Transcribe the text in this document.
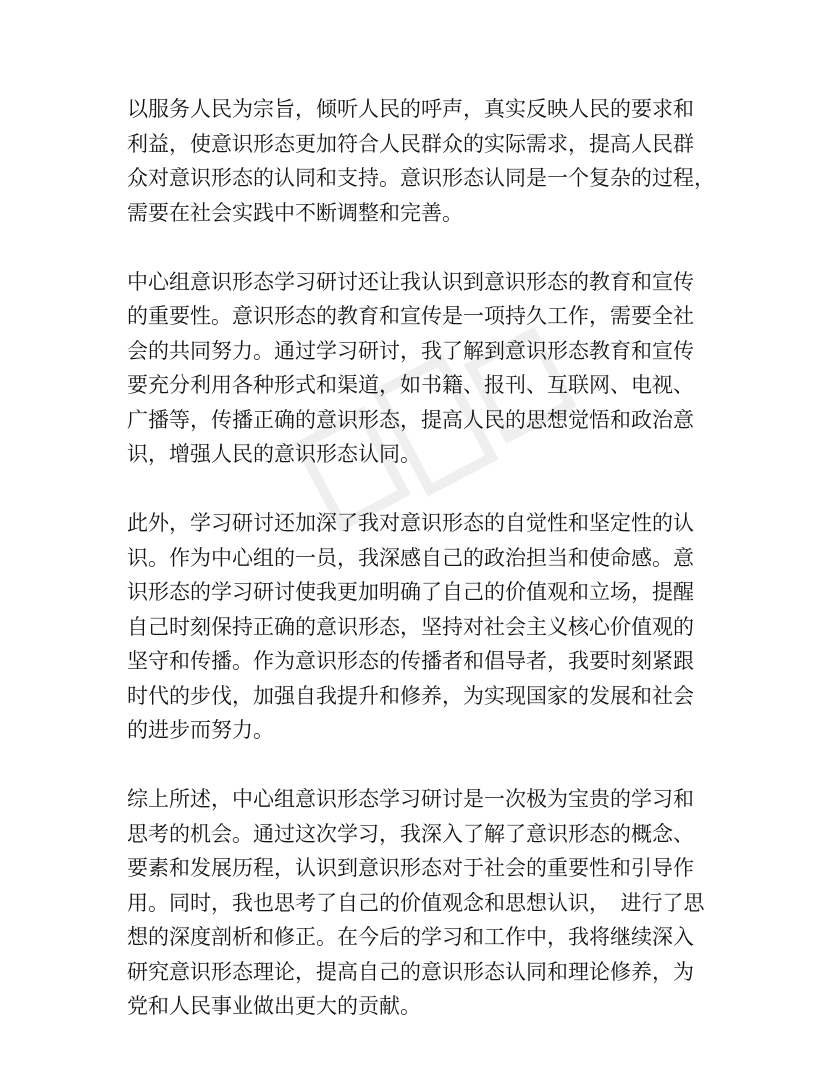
以服务人民为宗旨，倾听人民的呼声，真实反映人民的要求和
利益，使意识形态更加符合人民群众的实际需求，提高人民群
众对意识形态的认同和支持。意识形态认同是一个复杂的过程，
需要在社会实践中不断调整和完善。

中心组意识形态学习研讨还让我认识到意识形态的教育和宣传
的重要性。意识形态的教育和宣传是一项持久工作，需要全社
会的共同努力。通过学习研讨，我了解到意识形态教育和宣传
要充分利用各种形式和渠道，如书籍、报刊、互联网、电视、
广播等，传播正确的意识形态，提高人民的思想觉悟和政治意
识，增强人民的意识形态认同。

此外，学习研讨还加深了我对意识形态的自觉性和坚定性的认
识。作为中心组的一员，我深感自己的政治担当和使命感。意
识形态的学习研讨使我更加明确了自己的价值观和立场，提醒
自己时刻保持正确的意识形态，坚持对社会主义核心价值观的
坚守和传播。作为意识形态的传播者和倡导者，我要时刻紧跟
时代的步伐，加强自我提升和修养，为实现国家的发展和社会
的进步而努力。

综上所述，中心组意识形态学习研讨是一次极为宝贵的学习和
思考的机会。通过这次学习，我深入了解了意识形态的概念、
要素和发展历程，认识到意识形态对于社会的重要性和引导作
用。同时，我也思考了自己的价值观念和思想认识，　进行了思
想的深度剖析和修正。在今后的学习和工作中，我将继续深入
研究意识形态理论，提高自己的意识形态认同和理论修养，为
党和人民事业做出更大的贡献。
